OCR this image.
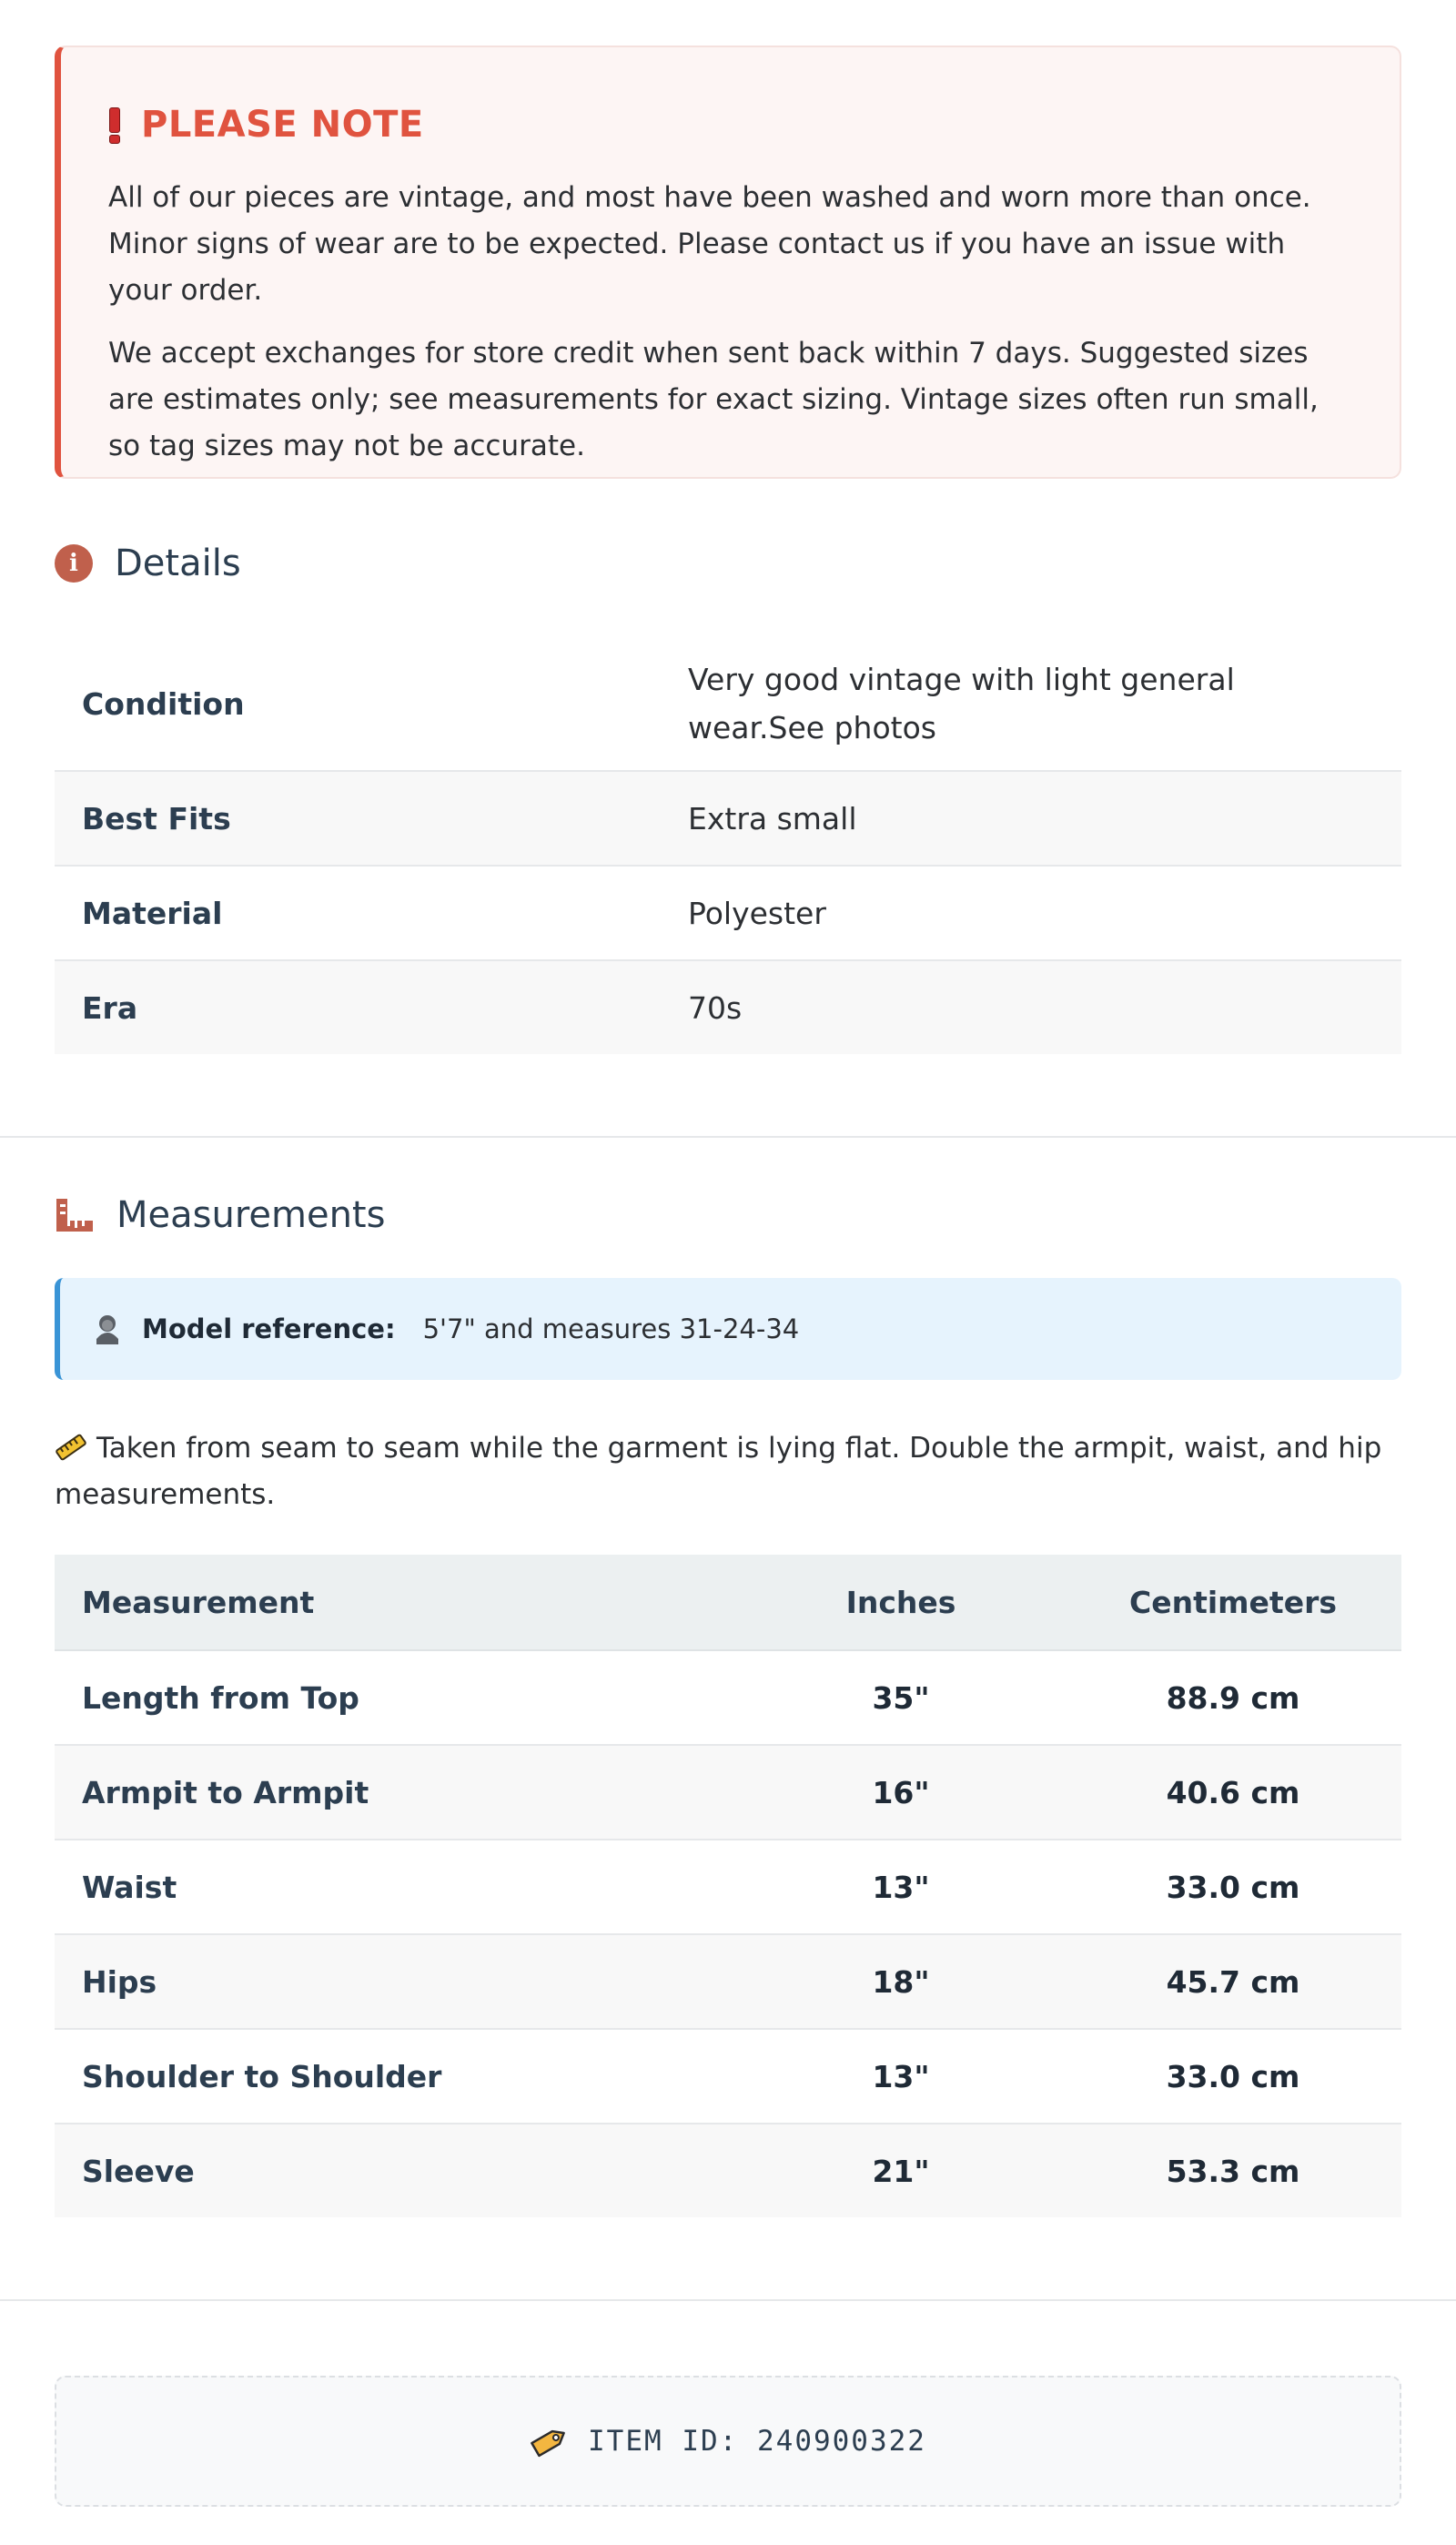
PLEASE NOTE

All of our pieces are vintage, and most have been washed and worn more than once. Minor signs of wear are to be expected. Please contact us if you have an issue with your order.

We accept exchanges for store credit when sent back within 7 days. Suggested sizes are estimates only; see measurements for exact sizing. Vintage sizes often run small, so tag sizes may not be accurate.

i	Details
Condition	Very good vintage with light general wear.See photos
Best Fits	Extra small
Material	Polyester
Era	70s
Measurements
Model reference: 5'7" and measures 31-24-34
Taken from seam to seam while the garment is lying flat. Double the armpit, waist, and hip measurements.
Measurement	Inches	Centimeters
Length from Top	35"	88.9 cm
Armpit to Armpit	16"	40.6 cm
Waist	13"	33.0 cm
Hips	18"	45.7 cm
Shoulder to Shoulder	13"	33.0 cm
Sleeve	21"	53.3 cm
ITEM ID: 240900322
